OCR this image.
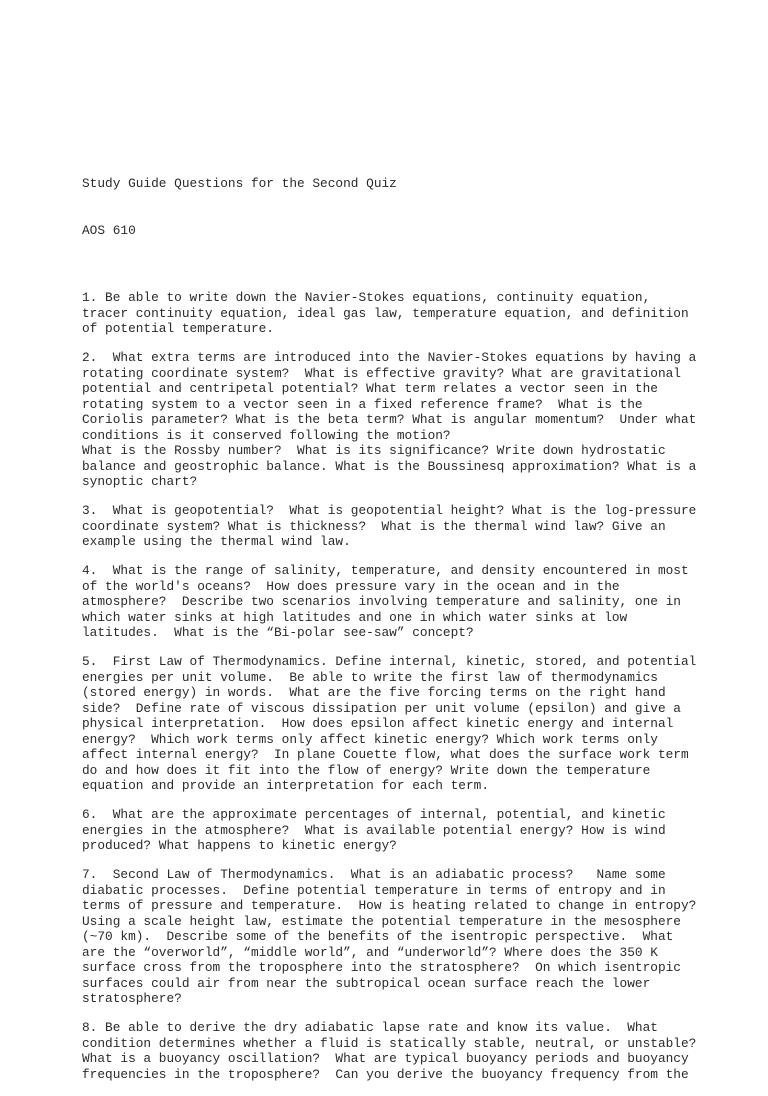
Study Guide Questions for the Second Quiz

AOS 610

1. Be able to write down the Navier-Stokes equations, continuity equation,
tracer continuity equation, ideal gas law, temperature equation, and definition
of potential temperature.
2.  What extra terms are introduced into the Navier-Stokes equations by having a
rotating coordinate system?  What is effective gravity? What are gravitational
potential and centripetal potential? What term relates a vector seen in the
rotating system to a vector seen in a fixed reference frame?  What is the
Coriolis parameter? What is the beta term? What is angular momentum?  Under what
conditions is it conserved following the motion?
What is the Rossby number?  What is its significance? Write down hydrostatic
balance and geostrophic balance. What is the Boussinesq approximation? What is a
synoptic chart?
3.  What is geopotential?  What is geopotential height? What is the log-pressure
coordinate system? What is thickness?  What is the thermal wind law? Give an
example using the thermal wind law.
4.  What is the range of salinity, temperature, and density encountered in most
of the world's oceans?  How does pressure vary in the ocean and in the
atmosphere?  Describe two scenarios involving temperature and salinity, one in
which water sinks at high latitudes and one in which water sinks at low
latitudes.  What is the “Bi-polar see-saw” concept?
5.  First Law of Thermodynamics. Define internal, kinetic, stored, and potential
energies per unit volume.  Be able to write the first law of thermodynamics
(stored energy) in words.  What are the five forcing terms on the right hand
side?  Define rate of viscous dissipation per unit volume (epsilon) and give a
physical interpretation.  How does epsilon affect kinetic energy and internal
energy?  Which work terms only affect kinetic energy? Which work terms only
affect internal energy?  In plane Couette flow, what does the surface work term
do and how does it fit into the flow of energy? Write down the temperature
equation and provide an interpretation for each term.
6.  What are the approximate percentages of internal, potential, and kinetic
energies in the atmosphere?  What is available potential energy? How is wind
produced? What happens to kinetic energy?
7.  Second Law of Thermodynamics.  What is an adiabatic process?   Name some
diabatic processes.  Define potential temperature in terms of entropy and in
terms of pressure and temperature.  How is heating related to change in entropy?
Using a scale height law, estimate the potential temperature in the mesosphere
(~70 km).  Describe some of the benefits of the isentropic perspective.  What
are the “overworld”, “middle world”, and “underworld”? Where does the 350 K
surface cross from the troposphere into the stratosphere?  On which isentropic
surfaces could air from near the subtropical ocean surface reach the lower
stratosphere?
8. Be able to derive the dry adiabatic lapse rate and know its value.  What
condition determines whether a fluid is statically stable, neutral, or unstable?
What is a buoyancy oscillation?  What are typical buoyancy periods and buoyancy
frequencies in the troposphere?  Can you derive the buoyancy frequency from the
